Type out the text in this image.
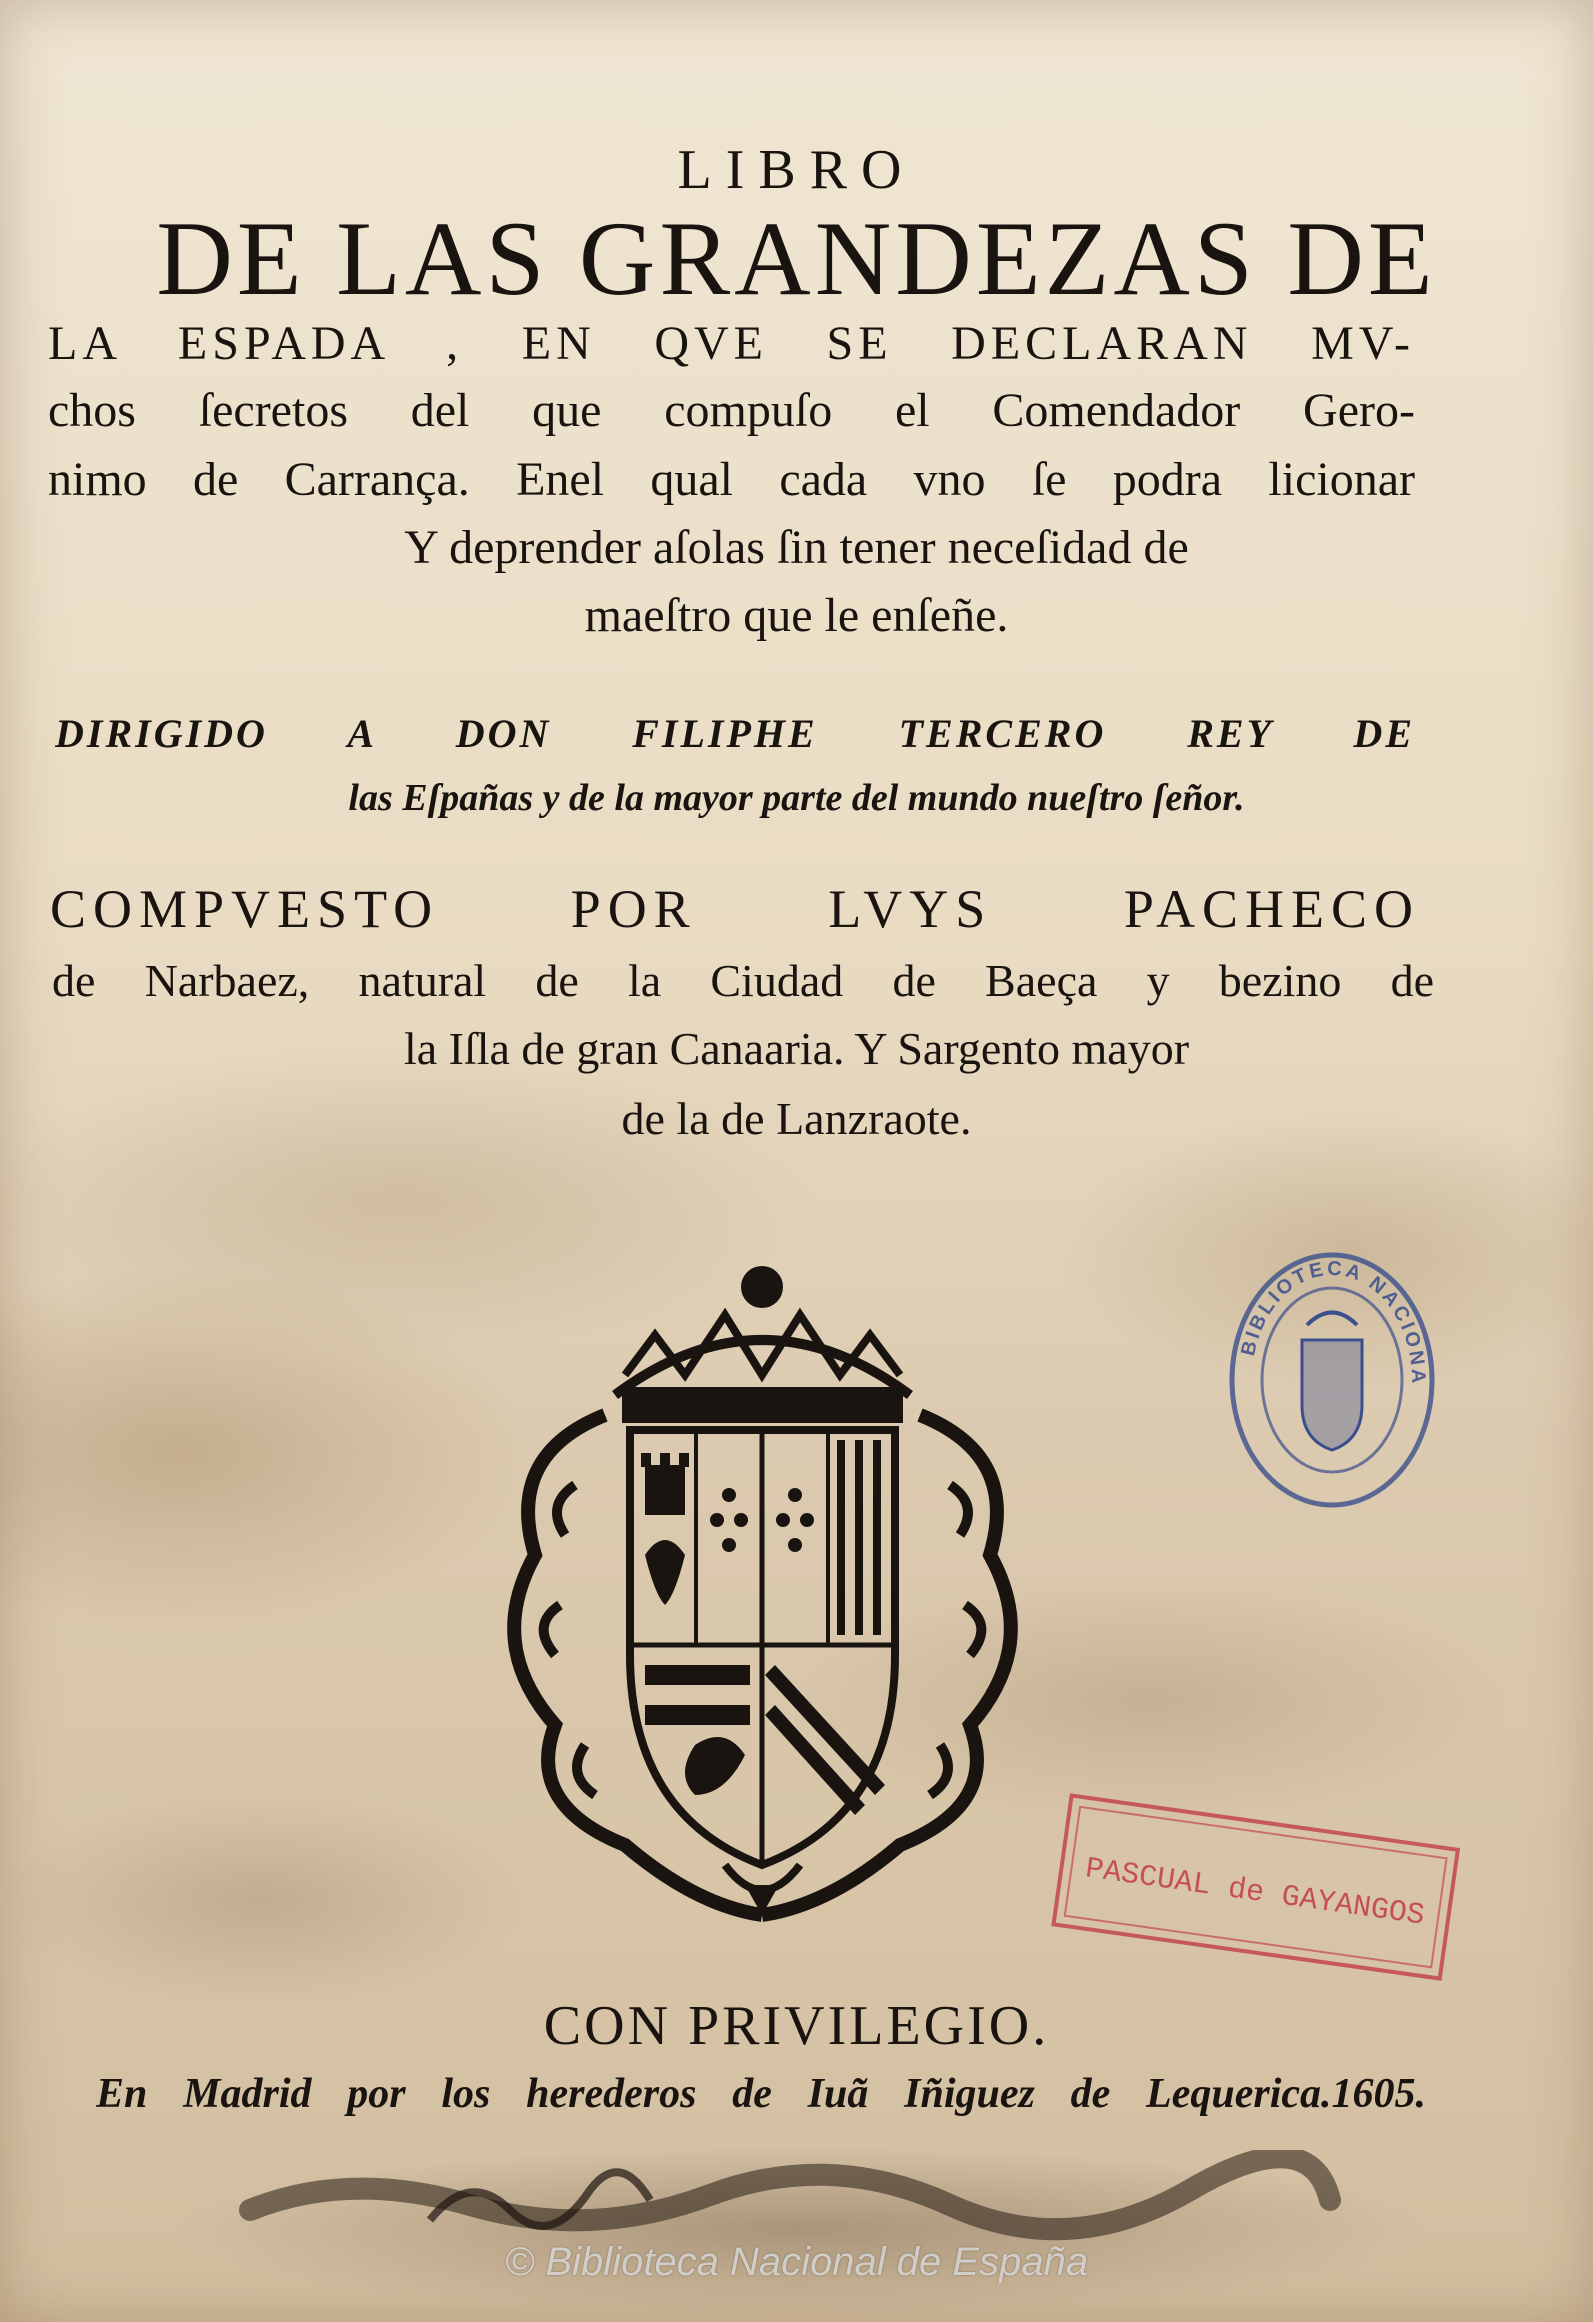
LIBRO
DE LAS GRANDEZAS DE
LA ESPADA , EN QVE SE DECLARAN MV-
chos ſecretos del que compuſo el Comendador Gero-
nimo de Carrança. Enel qual cada vno ſe podra licionar
Y deprender aſolas ſin tener neceſidad de
maeſtro que le enſeñe.
DIRIGIDO A DON FILIPHE TERCERO REY DE
las Eſpañas y de la mayor parte del mundo nueſtro ſeñor.
COMPVESTO POR LVYS PACHECO
de Narbaez, natural de la Ciudad de Baeça y bezino de
la Iſla de gran Canaaria. Y Sargento mayor
de la de Lanzraote.
BIBLIOTECA NACIONA
PASCUAL de GAYANGOS
CON PRIVILEGIO.
En Madrid por los herederos de Iuã Iñiguez de Lequerica.1605.
© Biblioteca Nacional de España
